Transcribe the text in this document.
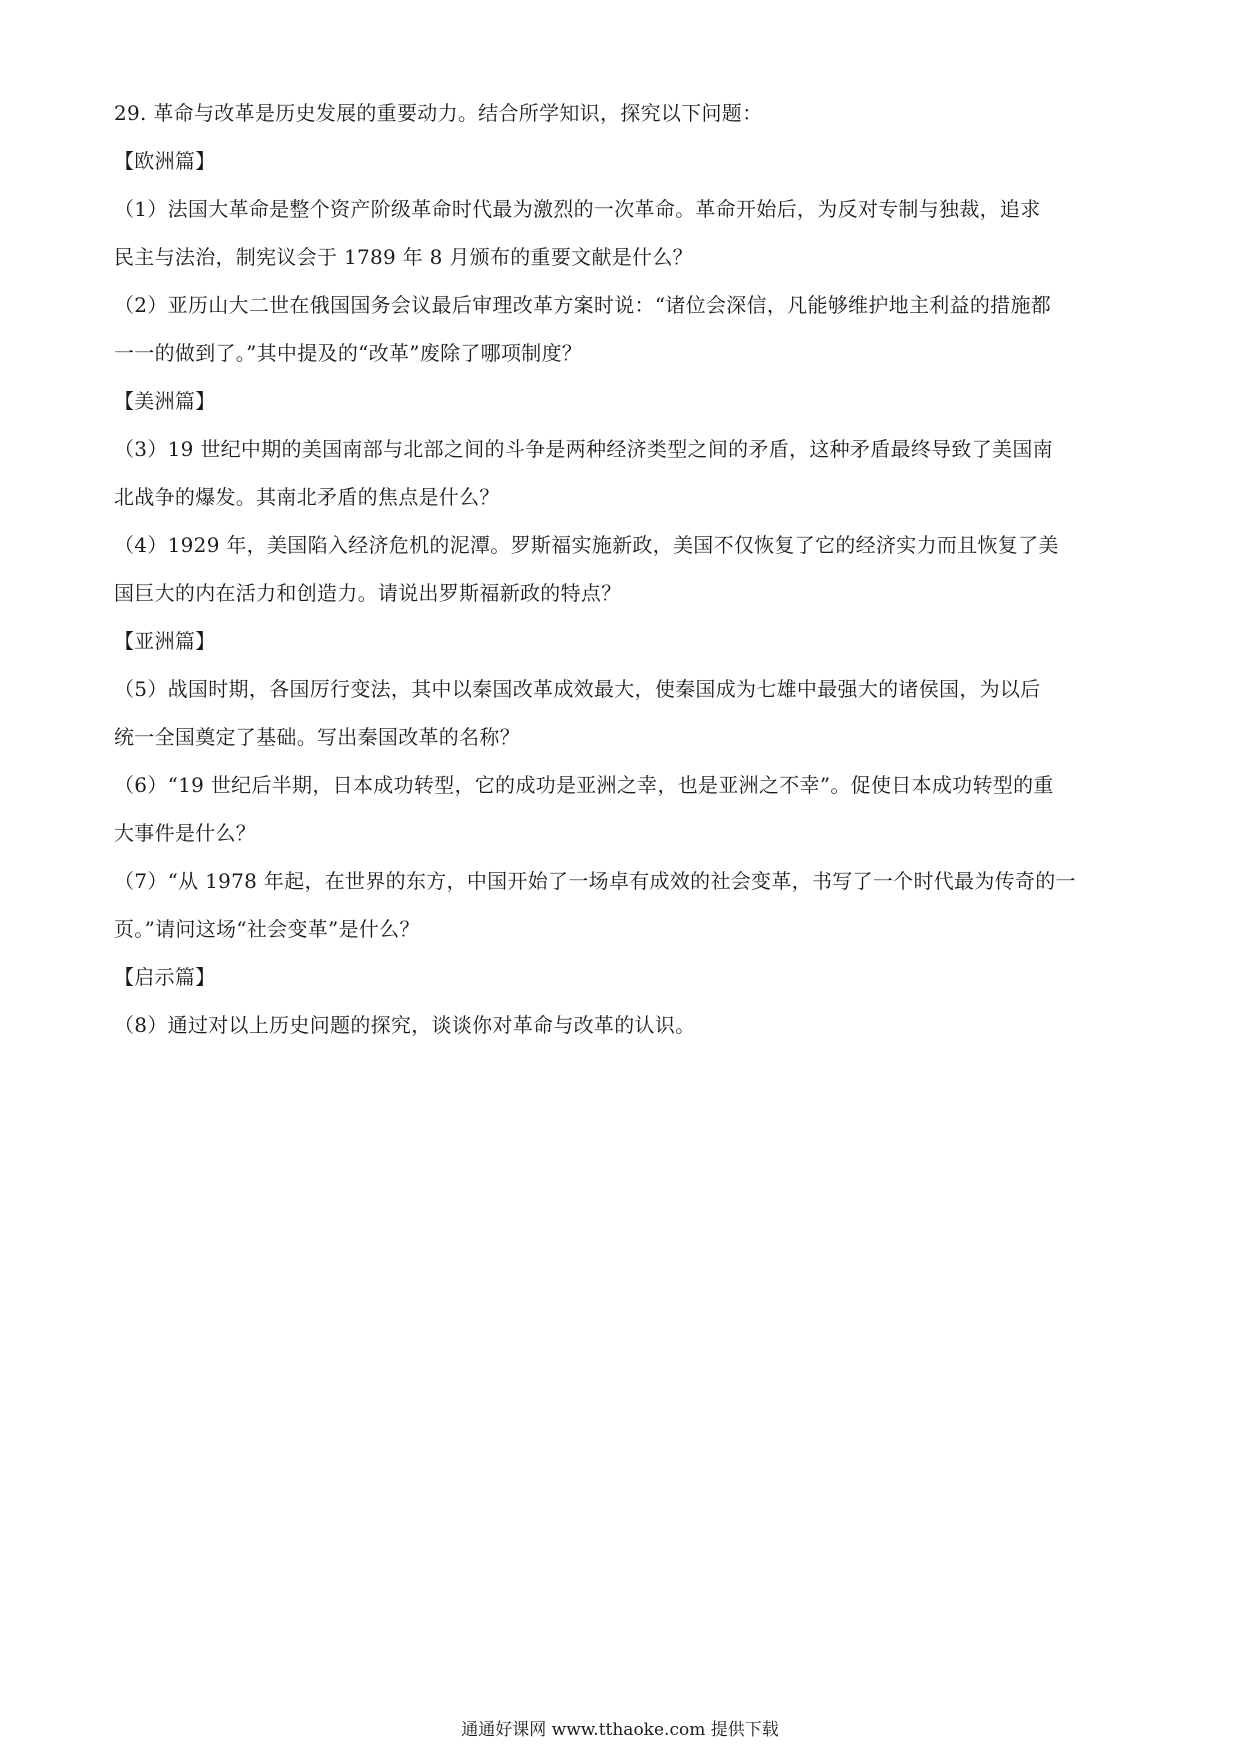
29. 革命与改革是历史发展的重要动力。结合所学知识，探究以下问题：
【欧洲篇】
（1）法国大革命是整个资产阶级革命时代最为激烈的一次革命。革命开始后，为反对专制与独裁，追求
民主与法治，制宪议会于 1789 年 8 月颁布的重要文献是什么？
（2）亚历山大二世在俄国国务会议最后审理改革方案时说：“诸位会深信，凡能够维护地主利益的措施都
一一的做到了。”其中提及的“改革”废除了哪项制度？
【美洲篇】
（3）19 世纪中期的美国南部与北部之间的斗争是两种经济类型之间的矛盾，这种矛盾最终导致了美国南
北战争的爆发。其南北矛盾的焦点是什么？
（4）1929 年，美国陷入经济危机的泥潭。罗斯福实施新政，美国不仅恢复了它的经济实力而且恢复了美
国巨大的内在活力和创造力。请说出罗斯福新政的特点？
【亚洲篇】
（5）战国时期，各国厉行变法，其中以秦国改革成效最大，使秦国成为七雄中最强大的诸侯国，为以后
统一全国奠定了基础。写出秦国改革的名称？
（6）“19 世纪后半期，日本成功转型，它的成功是亚洲之幸，也是亚洲之不幸”。促使日本成功转型的重
大事件是什么？
（7）“从 1978 年起，在世界的东方，中国开始了一场卓有成效的社会变革，书写了一个时代最为传奇的一
页。”请问这场“社会变革”是什么？
【启示篇】
（8）通过对以上历史问题的探究，谈谈你对革命与改革的认识。
通通好课网 www.tthaoke.com 提供下载
